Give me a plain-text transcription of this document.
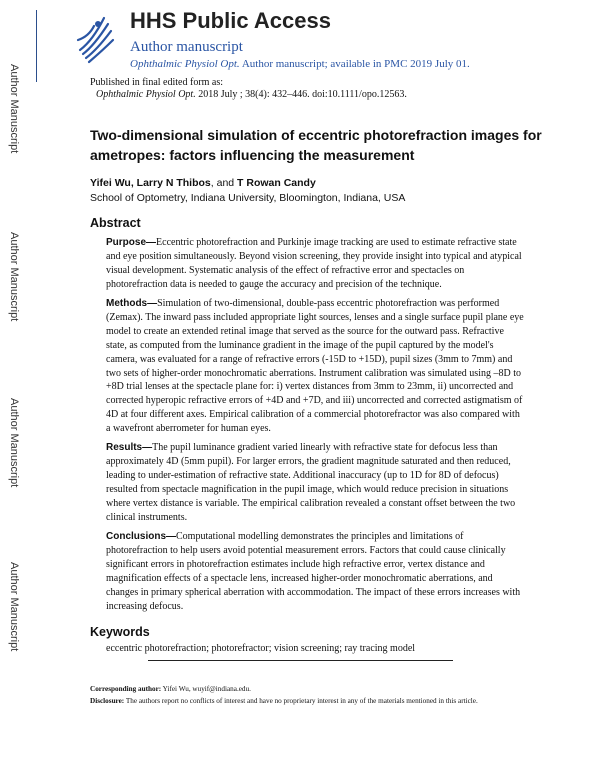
Author Manuscript
Author Manuscript
Author Manuscript
Author Manuscript
HHS Public Access
Author manuscript
Ophthalmic Physiol Opt. Author manuscript; available in PMC 2019 July 01.
Published in final edited form as:
Ophthalmic Physiol Opt. 2018 July ; 38(4): 432–446. doi:10.1111/opo.12563.
Two-dimensional simulation of eccentric photorefraction images for ametropes: factors influencing the measurement
Yifei Wu, Larry N Thibos, and T Rowan Candy
School of Optometry, Indiana University, Bloomington, Indiana, USA
Abstract
Purpose—Eccentric photorefraction and Purkinje image tracking are used to estimate refractive state and eye position simultaneously. Beyond vision screening, they provide insight into typical and atypical visual development. Systematic analysis of the effect of refractive error and spectacles on photorefraction data is needed to gauge the accuracy and precision of the technique.
Methods—Simulation of two-dimensional, double-pass eccentric photorefraction was performed (Zemax). The inward pass included appropriate light sources, lenses and a single surface pupil plane eye model to create an extended retinal image that served as the source for the outward pass. Refractive state, as computed from the luminance gradient in the image of the pupil captured by the model's camera, was evaluated for a range of refractive errors (-15D to +15D), pupil sizes (3mm to 7mm) and two sets of higher-order monochromatic aberrations. Instrument calibration was simulated using –8D to +8D trial lenses at the spectacle plane for: i) vertex distances from 3mm to 23mm, ii) uncorrected and corrected hyperopic refractive errors of +4D and +7D, and iii) uncorrected and corrected astigmatism of 4D at four different axes. Empirical calibration of a commercial photorefractor was also compared with a wavefront aberrometer for human eyes.
Results—The pupil luminance gradient varied linearly with refractive state for defocus less than approximately 4D (5mm pupil). For larger errors, the gradient magnitude saturated and then reduced, leading to under-estimation of refractive state. Additional inaccuracy (up to 1D for 8D of defocus) resulted from spectacle magnification in the pupil image, which would reduce precision in situations where vertex distance is variable. The empirical calibration revealed a constant offset between the two clinical instruments.
Conclusions—Computational modelling demonstrates the principles and limitations of photorefraction to help users avoid potential measurement errors. Factors that could cause clinically significant errors in photorefraction estimates include high refractive error, vertex distance and magnification effects of a spectacle lens, increased higher-order monochromatic aberrations, and changes in primary spherical aberration with accommodation. The impact of these errors increases with increasing defocus.
Keywords
eccentric photorefraction; photorefractor; vision screening; ray tracing model
Corresponding author: Yifei Wu, wuyif@indiana.edu.
Disclosure: The authors report no conflicts of interest and have no proprietary interest in any of the materials mentioned in this article.
